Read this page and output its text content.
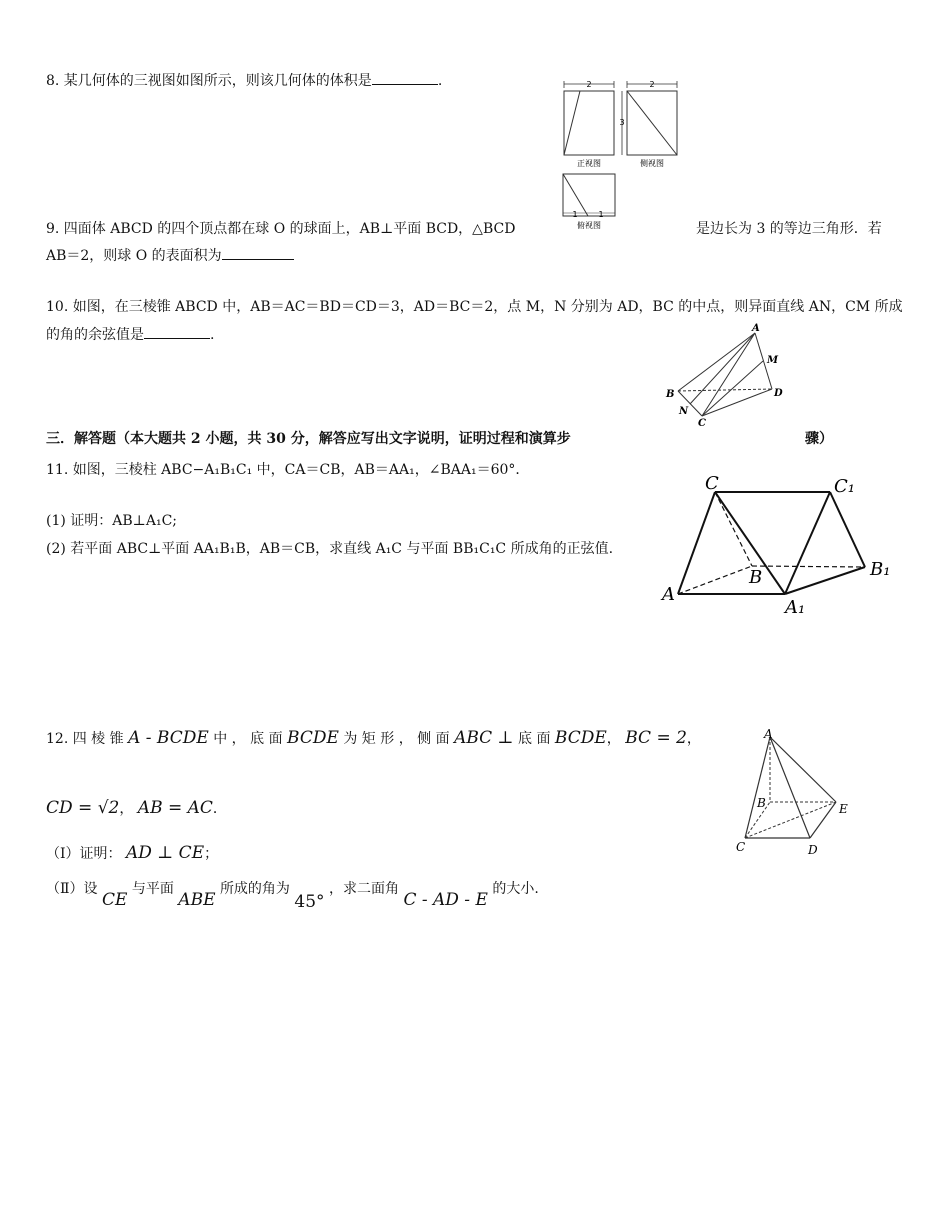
8. 某几何体的三视图如图所示，则该几何体的体积是	.	2
正视图
3
2
侧视图
1	1
俯视图
9. 四面体 ABCD 的四个顶点都在球 O 的球面上，AB⊥平面 BCD，△BCD	是边长为 3 的等边三角形．若
AB＝2，则球 O 的表面积为
10. 如图，在三棱锥 ABCD 中，AB＝AC＝BD＝CD＝3，AD＝BC＝2，点 M，N 分别为 AD，BC 的中点，则异面直线 AN，CM 所成
的角的余弦值是	.	A
M
B	D
N
C
三．解答题（本大题共 2 小题，共 30 分，解答应写出文字说明，证明过程和演算步	骤）
11. 如图，三棱柱 ABC−A₁B₁C₁ 中，CA＝CB，AB＝AA₁，∠BAA₁＝60°．
(1) 证明：AB⊥A₁C;
(2) 若平面 ABC⊥平面 AA₁B₁B，AB＝CB，求直线 A₁C 与平面 BB₁C₁C 所成角的正弦值.
C	C₁
A
B	B₁
A₁
12. 四 棱 锥 A - BCDE 中 ， 底 面 BCDE 为 矩 形 ， 侧 面 ABC ⊥ 底 面 BCDE， BC = 2，
CD = √2， AB = AC．
（Ⅰ）证明： AD ⊥ CE；
（Ⅱ）设 CE 与平面 ABE 所成的角为 45° ，求二面角 C - AD - E 的大小.
A
B	E
C	D
